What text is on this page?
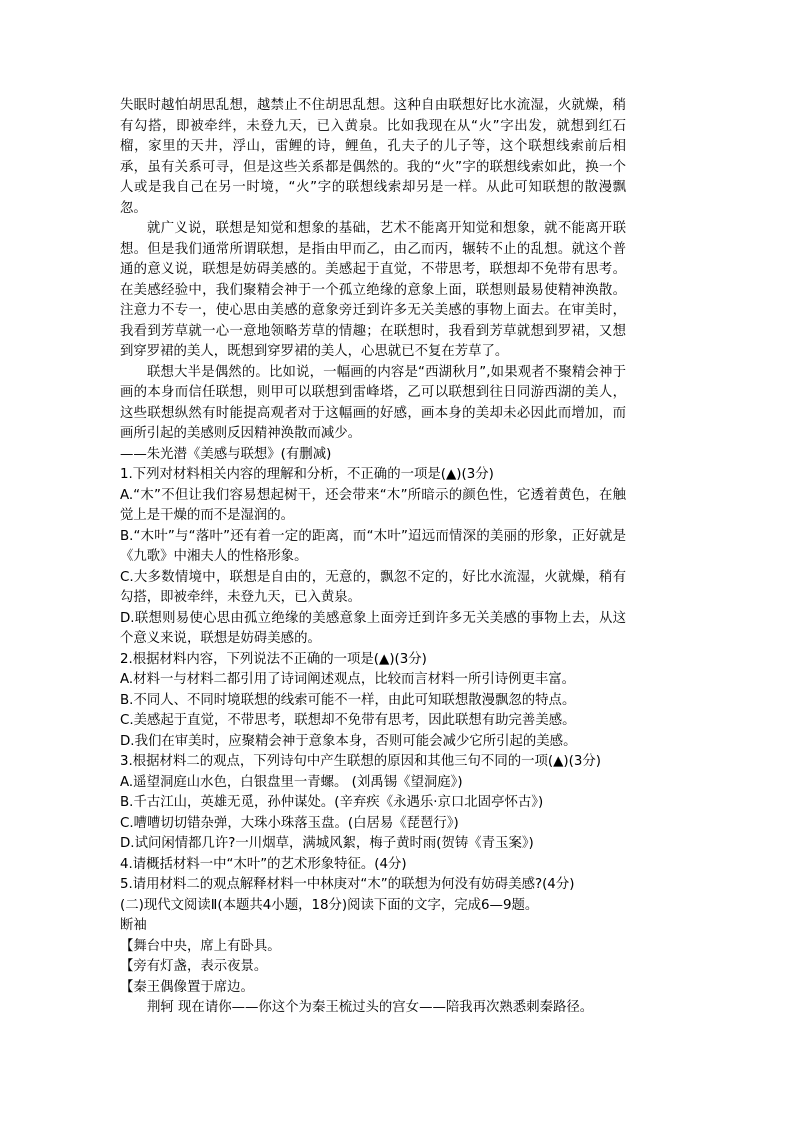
失眠时越怕胡思乱想，越禁止不住胡思乱想。这种自由联想好比水流湿，火就燥，稍有勾搭，即被牵绊，未登九天，已入黄泉。比如我现在从“火”字出发，就想到红石榴，家里的天井，浮山，雷鲤的诗，鲤鱼，孔夫子的儿子等，这个联想线索前后相承，虽有关系可寻，但是这些关系都是偶然的。我的“火”字的联想线索如此，换一个人或是我自己在另一时境，“火”字的联想线索却另是一样。从此可知联想的散漫飘忽。

就广义说，联想是知觉和想象的基础，艺术不能离开知觉和想象，就不能离开联想。但是我们通常所谓联想，是指由甲而乙，由乙而丙，辗转不止的乱想。就这个普通的意义说，联想是妨碍美感的。美感起于直觉，不带思考，联想却不免带有思考。在美感经验中，我们聚精会神于一个孤立绝缘的意象上面，联想则最易使精神涣散。注意力不专一，使心思由美感的意象旁迁到许多无关美感的事物上面去。在审美时，我看到芳草就一心一意地领略芳草的情趣；在联想时，我看到芳草就想到罗裙，又想到穿罗裙的美人，既想到穿罗裙的美人，心思就已不复在芳草了。

联想大半是偶然的。比如说，一幅画的内容是“西湖秋月”,如果观者不聚精会神于画的本身而信任联想，则甲可以联想到雷峰塔，乙可以联想到往日同游西湖的美人，这些联想纵然有时能提高观者对于这幅画的好感，画本身的美却未必因此而增加，而画所引起的美感则反因精神涣散而减少。

——朱光潜《美感与联想》(有删减)

1.下列对材料相关内容的理解和分析，不正确的一项是(▲)(3分)

A.“木”不但让我们容易想起树干，还会带来“木”所暗示的颜色性，它透着黄色，在触觉上是干燥的而不是湿润的。

B.“木叶”与“落叶”还有着一定的距离，而“木叶”迢远而情深的美丽的形象，正好就是《九歌》中湘夫人的性格形象。

C.大多数情境中，联想是自由的，无意的，飘忽不定的，好比水流湿，火就燥，稍有勾搭，即被牵绊，未登九天，已入黄泉。

D.联想则易使心思由孤立绝缘的美感意象上面旁迁到许多无关美感的事物上去，从这个意义来说，联想是妨碍美感的。

2.根据材料内容，下列说法不正确的一项是(▲)(3分)

A.材料一与材料二都引用了诗词阐述观点，比较而言材料一所引诗例更丰富。

B.不同人、不同时境联想的线索可能不一样，由此可知联想散漫飘忽的特点。

C.美感起于直觉，不带思考，联想却不免带有思考，因此联想有助完善美感。

D.我们在审美时，应聚精会神于意象本身，否则可能会减少它所引起的美感。

3.根据材料二的观点，下列诗句中产生联想的原因和其他三句不同的一项(▲)(3分)

A.遥望洞庭山水色，白银盘里一青螺。 (刘禹锡《望洞庭》)

B.千古江山，英雄无觅，孙仲谋处。(辛弃疾《永遇乐·京口北固亭怀古》)

C.嘈嘈切切错杂弹，大珠小珠落玉盘。(白居易《琵琶行》)

D.试问闲情都几许?一川烟草，满城风絮，梅子黄时雨(贺铸《青玉案》)

4.请概括材料一中“木叶”的艺术形象特征。(4分)

5.请用材料二的观点解释材料一中林庚对“木”的联想为何没有妨碍美感?(4分)

(二)现代文阅读Ⅱ(本题共4小题，18分)阅读下面的文字，完成6—9题。

断袖

【舞台中央，席上有卧具。

【旁有灯盏，表示夜景。

【秦王偶像置于席边。

荆轲 现在请你——你这个为秦王梳过头的宫女——陪我再次熟悉刺秦路径。
